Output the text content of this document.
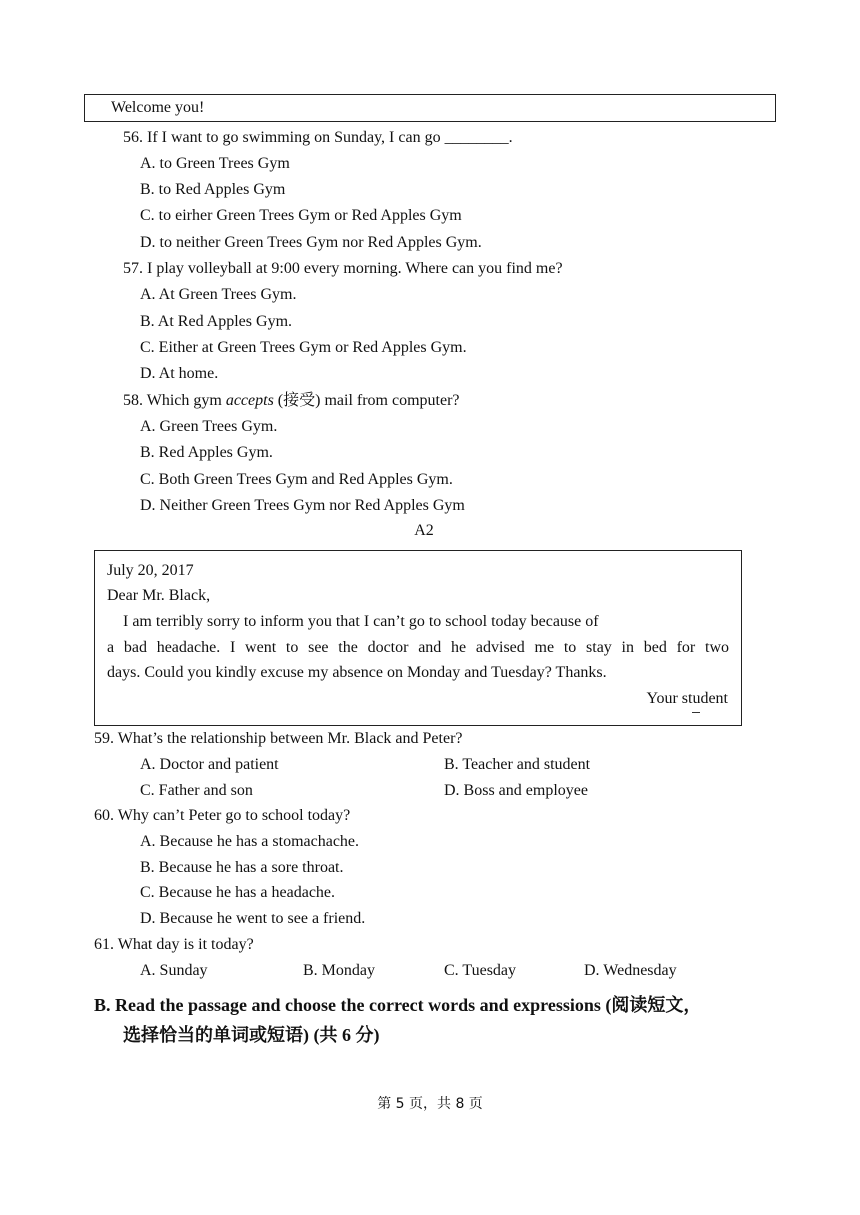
Welcome you!
56. If I want to go swimming on Sunday, I can go ________.
A. to Green Trees Gym
B. to Red Apples Gym
C. to eirher Green Trees Gym or Red Apples Gym
D. to neither Green Trees Gym nor Red Apples Gym.
57. I play volleyball at 9:00 every morning. Where can you find me?
A. At Green Trees Gym.
B. At Red Apples Gym.
C. Either at Green Trees Gym or Red Apples Gym.
D. At home.
58. Which gym accepts (接受) mail from computer?
A. Green Trees Gym.
B. Red Apples Gym.
C. Both Green Trees Gym and Red Apples Gym.
D. Neither Green Trees Gym nor Red Apples Gym
A2
July 20, 2017
Dear Mr. Black,
I am terribly sorry to inform you that I can’t go to school today because of
a bad headache. I went to see the doctor and he advised me to stay in bed for two
days. Could you kindly excuse my absence on Monday and Tuesday? Thanks.
Your student
59. What’s the relationship between Mr. Black and Peter?
A. Doctor and patient	B. Teacher and student
C. Father and son	D. Boss and employee
60. Why can’t Peter go to school today?
A. Because he has a stomachache.
B. Because he has a sore throat.
C. Because he has a headache.
D. Because he went to see a friend.
61. What day is it today?
A. Sunday	B. Monday	C. Tuesday	D. Wednesday
B. Read the passage and choose the correct words and expressions (阅读短文，
选择恰当的单词或短语) (共 6 分)
第 5 页，共 8 页
